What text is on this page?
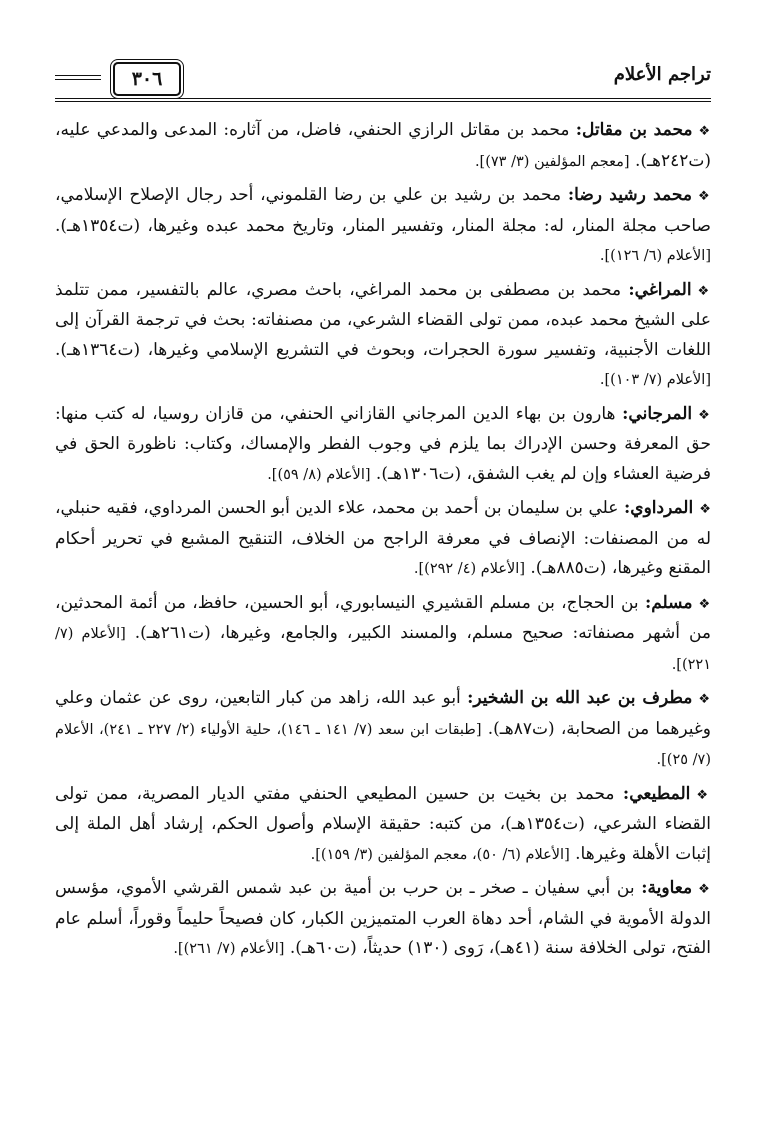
تراجم الأعلام
٣٠٦

❖محمد بن مقاتل: محمد بن مقاتل الرازي الحنفي، فاضل، من آثاره: المدعى والمدعي عليه، (ت٢٤٢هـ). [معجم المؤلفين (٣/ ٧٣)].

❖محمد رشيد رضا: محمد بن رشيد بن علي بن رضا القلموني، أحد رجال الإصلاح الإسلامي، صاحب مجلة المنار، له: مجلة المنار، وتفسير المنار، وتاريخ محمد عبده وغيرها، (ت١٣٥٤هـ). [الأعلام (٦/ ١٢٦)].

❖المراغي: محمد بن مصطفى بن محمد المراغي، باحث مصري، عالم بالتفسير، ممن تتلمذ على الشيخ محمد عبده، ممن تولى القضاء الشرعي، من مصنفاته: بحث في ترجمة القرآن إلى اللغات الأجنبية، وتفسير سورة الحجرات، وبحوث في التشريع الإسلامي وغيرها، (ت١٣٦٤هـ). [الأعلام (٧/ ١٠٣)].

❖المرجاني: هارون بن بهاء الدين المرجاني القازاني الحنفي، من قازان روسيا، له كتب منها: حق المعرفة وحسن الإدراك بما يلزم في وجوب الفطر والإمساك، وكتاب: ناظورة الحق في فرضية العشاء وإن لم يغب الشفق، (ت١٣٠٦هـ). [الأعلام (٨/ ٥٩)].

❖المرداوي: علي بن سليمان بن أحمد بن محمد، علاء الدين أبو الحسن المرداوي، فقيه حنبلي، له من المصنفات: الإنصاف في معرفة الراجح من الخلاف، التنقيح المشبع في تحرير أحكام المقنع وغيرها، (ت٨٨٥هـ). [الأعلام (٤/ ٢٩٢)].

❖مسلم: بن الحجاج، بن مسلم القشيري النيسابوري، أبو الحسين، حافظ، من أئمة المحدثين، من أشهر مصنفاته: صحيح مسلم، والمسند الكبير، والجامع، وغيرها، (ت٢٦١هـ). [الأعلام (٧/ ٢٢١)].

❖مطرف بن عبد الله بن الشخير: أبو عبد الله، زاهد من كبار التابعين، روى عن عثمان وعلي وغيرهما من الصحابة، (ت٨٧هـ). [طبقات ابن سعد (٧/ ١٤١ ـ ١٤٦)، حلية الأولياء (٢/ ٢٢٧ ـ ٢٤١)، الأعلام (٧/ ٢٥)].

❖المطيعي: محمد بن بخيت بن حسين المطيعي الحنفي مفتي الديار المصرية، ممن تولى القضاء الشرعي، (ت١٣٥٤هـ)، من كتبه: حقيقة الإسلام وأصول الحكم، إرشاد أهل الملة إلى إثبات الأهلة وغيرها. [الأعلام (٦/ ٥٠)، معجم المؤلفين (٣/ ١٥٩)].

❖معاوية: بن أبي سفيان ـ صخر ـ بن حرب بن أمية بن عبد شمس القرشي الأموي، مؤسس الدولة الأموية في الشام، أحد دهاة العرب المتميزين الكبار، كان فصيحاً حليماً وقوراً، أسلم عام الفتح، تولى الخلافة سنة (٤١هـ)، رَوى (١٣٠) حديثاً، (ت٦٠هـ). [الأعلام (٧/ ٢٦١)].
